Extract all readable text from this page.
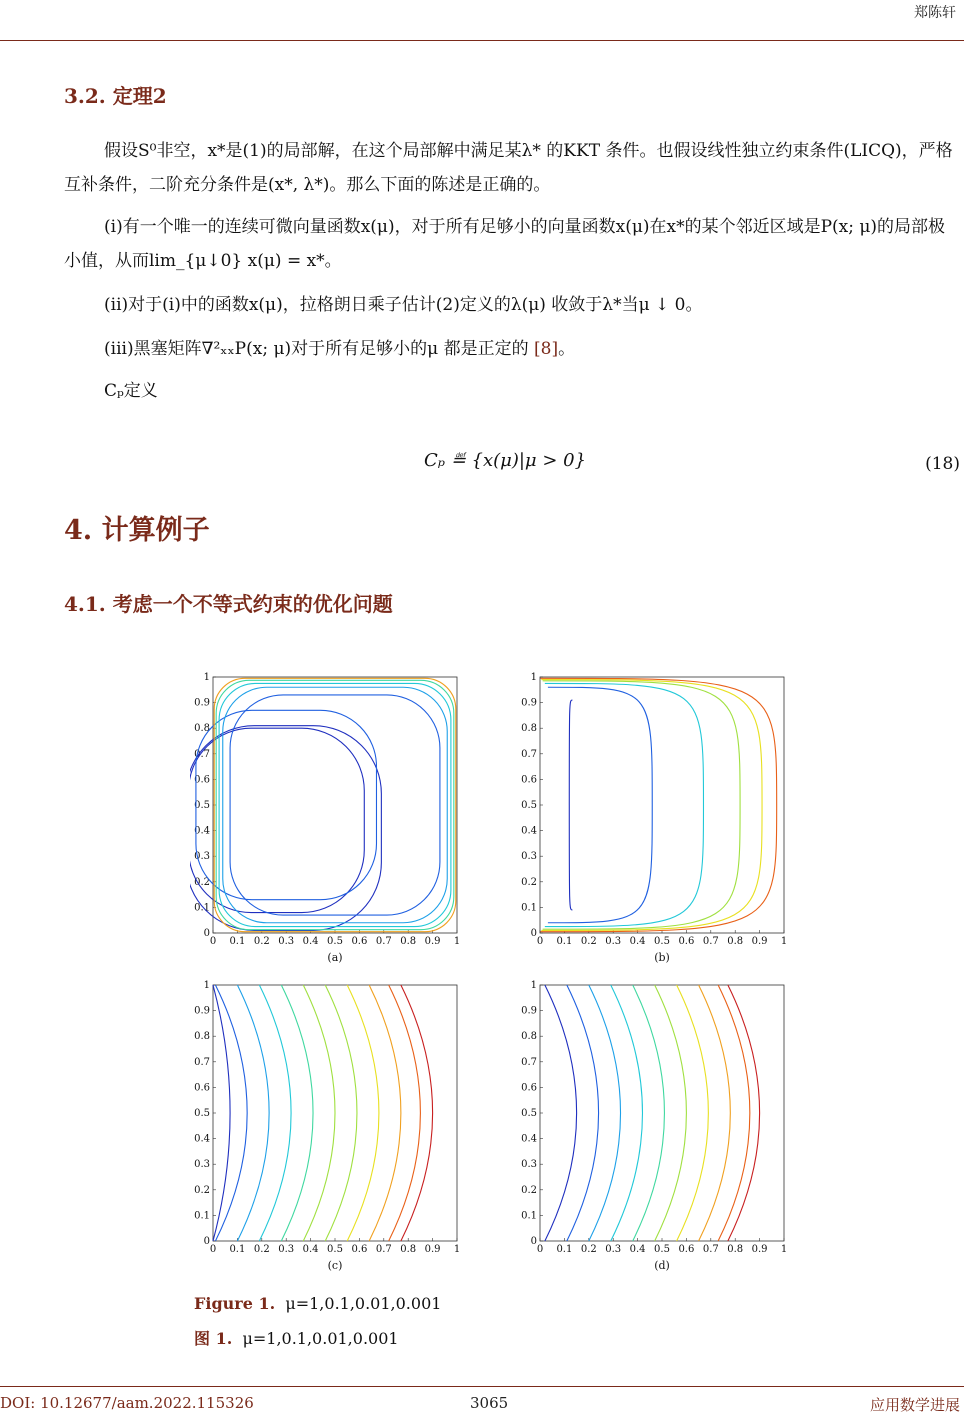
郑陈轩
3.2. 定理2
假设S⁰非空，x*是(1)的局部解，在这个局部解中满足某λ* 的KKT 条件。也假设线性独立约束条件(LICQ)，严格互补条件，二阶充分条件是(x*, λ*)。那么下面的陈述是正确的。
(i)有一个唯一的连续可微向量函数x(μ)，对于所有足够小的向量函数x(μ)在x*的某个邻近区域是P(x; μ)的局部极小值，从而lim_{μ↓0} x(μ) = x*。
(ii)对于(i)中的函数x(μ)，拉格朗日乘子估计(2)定义的λ(μ) 收敛于λ*当μ ↓ 0。
(iii)黑塞矩阵∇²ₓₓP(x; μ)对于所有足够小的μ 都是正定的 [8]。
Cₚ定义
Cₚ ≝ {x(μ)|μ > 0}	(18)
4. 计算例子
4.1. 考虑一个不等式约束的优化问题
0
0
0.1
0.1
0.2
0.2
0.3
0.3
0.4
0.4
0.5
0.5
0.6
0.6
0.7
0.7
0.8
0.8
0.9
0.9
1
1
(a)
0
0
0.1
0.1
0.2
0.2
0.3
0.3
0.4
0.4
0.5
0.5
0.6
0.6
0.7
0.7
0.8
0.8
0.9
0.9
1
1
(b)
0
0
0.1
0.1
0.2
0.2
0.3
0.3
0.4
0.4
0.5
0.5
0.6
0.6
0.7
0.7
0.8
0.8
0.9
0.9
1
1
(c)
0
0
0.1
0.1
0.2
0.2
0.3
0.3
0.4
0.4
0.5
0.5
0.6
0.6
0.7
0.7
0.8
0.8
0.9
0.9
1
1
(d)
Figure 1. μ=1,0.1,0.01,0.001
图 1. μ=1,0.1,0.01,0.001
DOI: 10.12677/aam.2022.115326	3065	应用数学进展
